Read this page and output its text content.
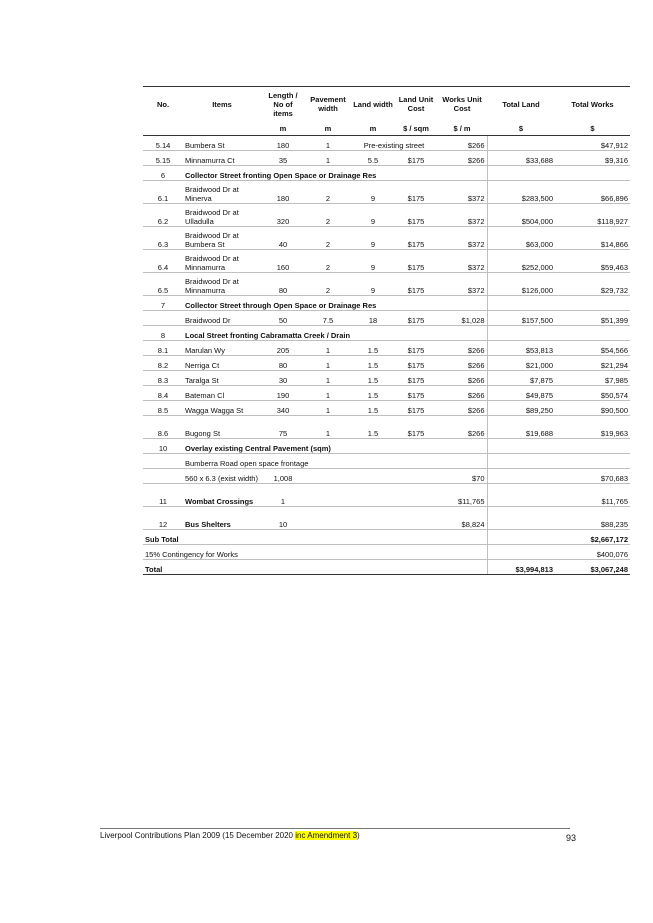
No.	Items	Length / No of items	Pavement width	Land width	Land Unit Cost	Works Unit Cost	Total Land	Total Works
		m	m	m	$ / sqm	$ / m	$	$
5.14	Bumbera St	180	1	Pre-existing street		$266		$47,912
5.15	Minnamurra Ct	35	1	5.5	$175	$266	$33,688	$9,316
6	Collector Street fronting Open Space or Drainage Res							
6.1	Braidwood Dr at Minerva	180	2	9	$175	$372	$283,500	$66,896
6.2	Braidwood Dr at Ulladulla	320	2	9	$175	$372	$504,000	$118,927
6.3	Braidwood Dr at Bumbera St	40	2	9	$175	$372	$63,000	$14,866
6.4	Braidwood Dr at Minnamurra	160	2	9	$175	$372	$252,000	$59,463
6.5	Braidwood Dr at Minnamurra	80	2	9	$175	$372	$126,000	$29,732
7	Collector Street through Open Space or Drainage Res							
	Braidwood Dr	50	7.5	18	$175	$1,028	$157,500	$51,399
8	Local Street fronting Cabramatta Creek / Drain							
8.1	Marulan Wy	205	1	1.5	$175	$266	$53,813	$54,566
8.2	Nerriga Ct	80	1	1.5	$175	$266	$21,000	$21,294
8.3	Taralga St	30	1	1.5	$175	$266	$7,875	$7,985
8.4	Bateman Cl	190	1	1.5	$175	$266	$49,875	$50,574
8.5	Wagga Wagga St	340	1	1.5	$175	$266	$89,250	$90,500
8.6	Bugong St	75	1	1.5	$175	$266	$19,688	$19,963
10	Overlay existing Central Pavement (sqm)							
	Bumberra Road open space frontage							
	560 x 6.3 (exist width)	1,008				$70		$70,683
11	Wombat Crossings	1				$11,765		$11,765
12	Bus Shelters	10				$8,824		$88,235
Sub Total								$2,667,172
15% Contingency for Works								$400,076
Total							$3,994,813	$3,067,248
Liverpool Contributions Plan 2009 (15 December 2020 inc Amendment 3)	93
